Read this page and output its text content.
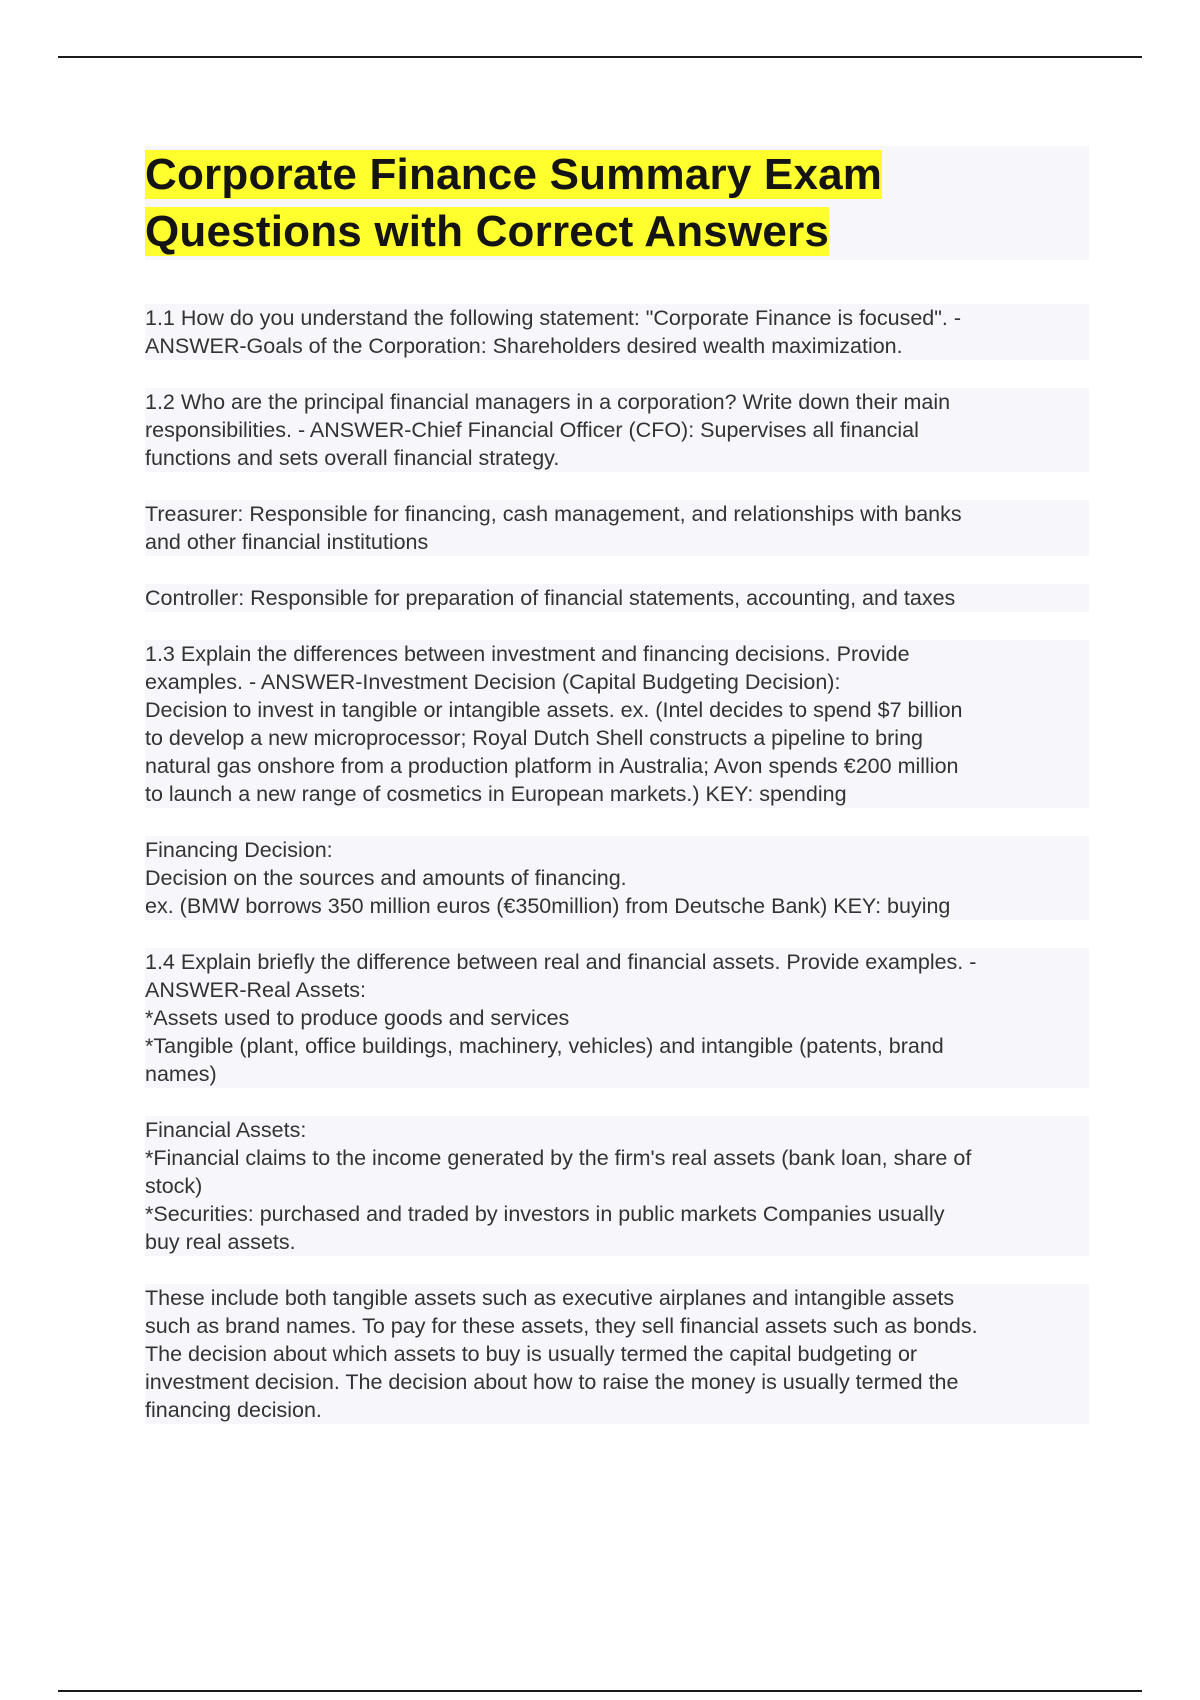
Corporate Finance Summary Exam
Questions with Correct Answers

1.1 How do you understand the following statement: "Corporate Finance is focused". -
ANSWER-Goals of the Corporation: Shareholders desired wealth maximization.

1.2 Who are the principal financial managers in a corporation? Write down their main
responsibilities. - ANSWER-Chief Financial Officer (CFO): Supervises all financial
functions and sets overall financial strategy.

Treasurer: Responsible for financing, cash management, and relationships with banks
and other financial institutions

Controller: Responsible for preparation of financial statements, accounting, and taxes

1.3 Explain the differences between investment and financing decisions. Provide
examples. - ANSWER-Investment Decision (Capital Budgeting Decision):
Decision to invest in tangible or intangible assets. ex. (Intel decides to spend $7 billion
to develop a new microprocessor; Royal Dutch Shell constructs a pipeline to bring
natural gas onshore from a production platform in Australia; Avon spends €200 million
to launch a new range of cosmetics in European markets.) KEY: spending

Financing Decision:
Decision on the sources and amounts of financing.
ex. (BMW borrows 350 million euros (€350million) from Deutsche Bank) KEY: buying

1.4 Explain briefly the difference between real and financial assets. Provide examples. -
ANSWER-Real Assets:
*Assets used to produce goods and services
*Tangible (plant, office buildings, machinery, vehicles) and intangible (patents, brand
names)

Financial Assets:
*Financial claims to the income generated by the firm's real assets (bank loan, share of
stock)
*Securities: purchased and traded by investors in public markets Companies usually
buy real assets.

These include both tangible assets such as executive airplanes and intangible assets
such as brand names. To pay for these assets, they sell financial assets such as bonds.
The decision about which assets to buy is usually termed the capital budgeting or
investment decision. The decision about how to raise the money is usually termed the
financing decision.
